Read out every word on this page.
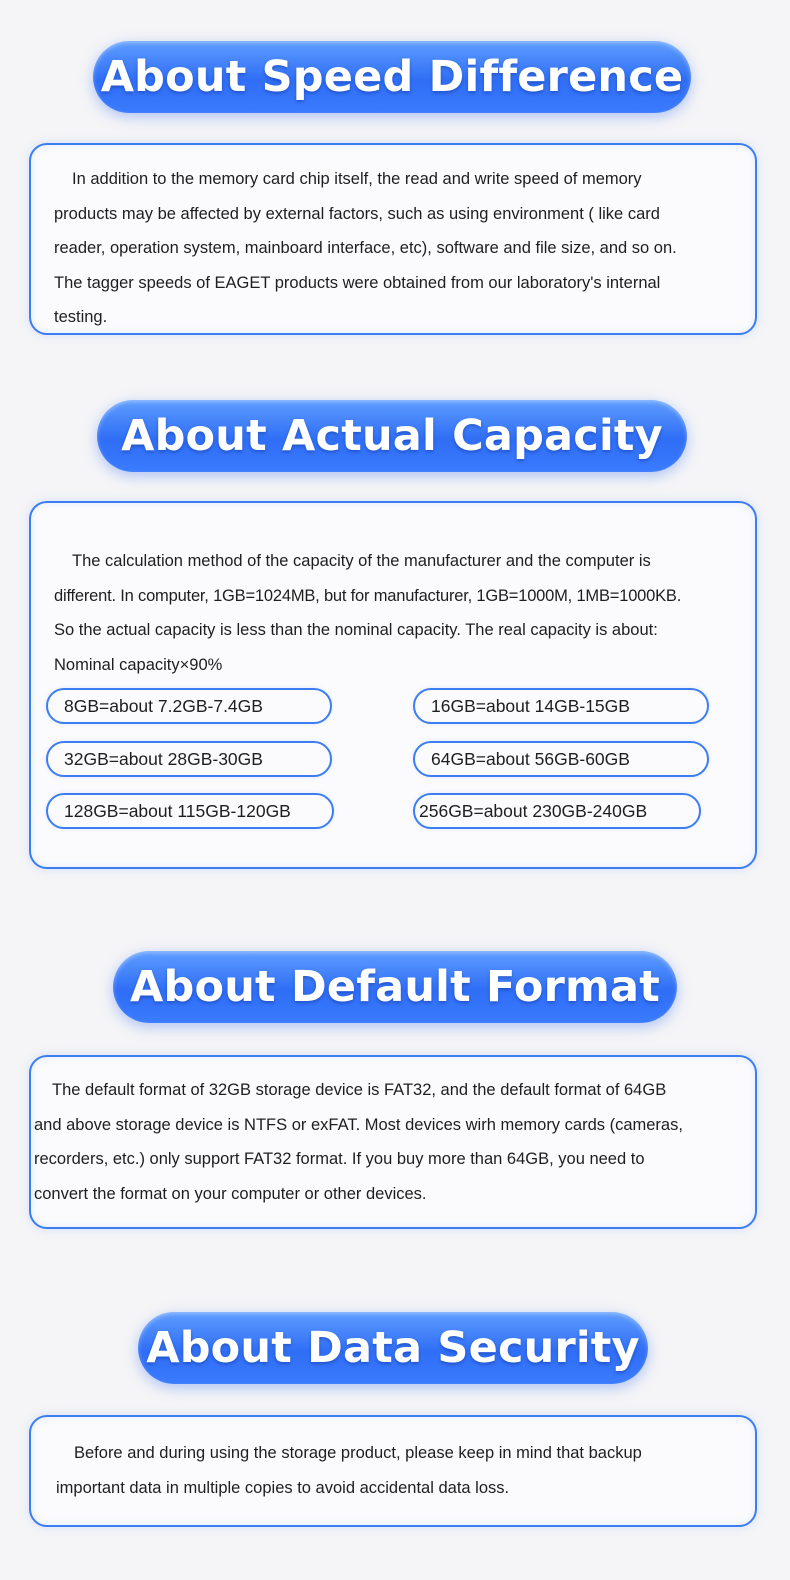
About Speed Difference
In addition to the memory card chip itself, the read and write speed of memory
products may be affected by external factors, such as using environment ( like card
reader, operation system, mainboard interface, etc), software and file size, and so on.
The tagger speeds of EAGET products were obtained from our laboratory's internal
testing.
About Actual Capacity
The calculation method of the capacity of the manufacturer and the computer is
different. In computer, 1GB=1024MB, but for manufacturer, 1GB=1000M, 1MB=1000KB.
So the actual capacity is less than the nominal capacity. The real capacity is about:
Nominal capacity×90%
8GB=about 7.2GB-7.4GB	16GB=about 14GB-15GB
32GB=about 28GB-30GB	64GB=about 56GB-60GB
128GB=about 115GB-120GB	256GB=about 230GB-240GB
About Default Format
The default format of 32GB storage device is FAT32, and the default format of 64GB
and above storage device is NTFS or exFAT. Most devices wirh memory cards (cameras,
recorders, etc.) only support FAT32 format. If you buy more than 64GB, you need to
convert the format on your computer or other devices.
About Data Security
Before and during using the storage product, please keep in mind that backup
important data in multiple copies to avoid accidental data loss.
